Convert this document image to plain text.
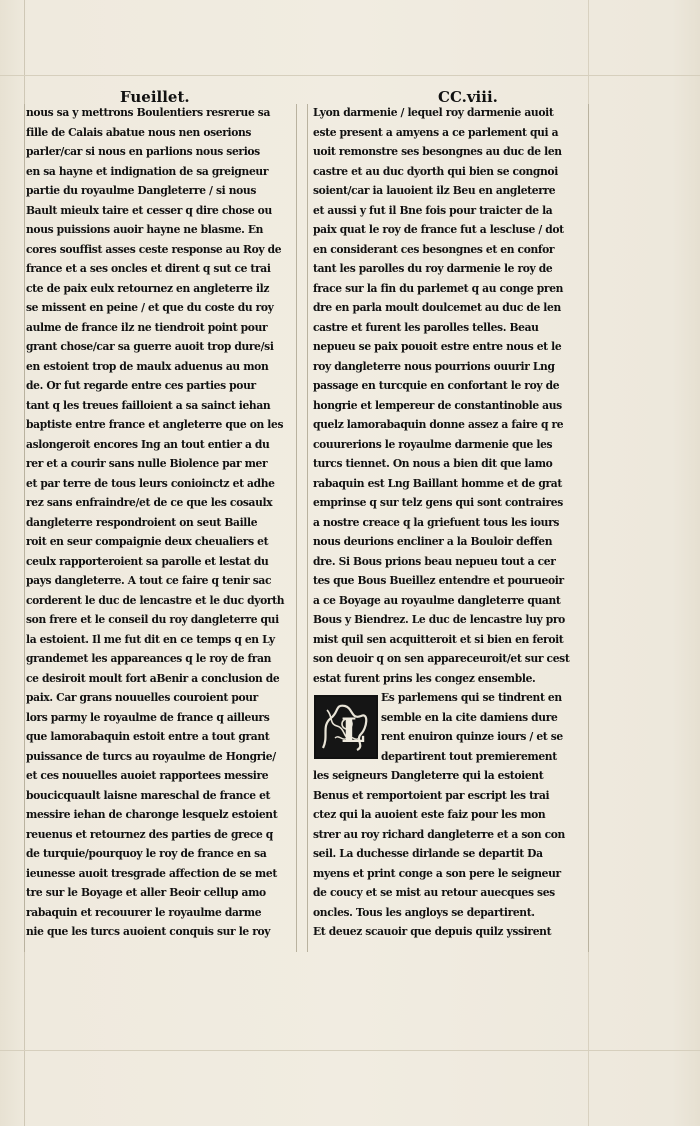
Fueillet.	CC.viii.
nous sa y mettrons Boulentiers resrerue sa
fille de Calais abatue nous nen oserions
parler/car si nous en parlions nous serios
en sa hayne et indignation de sa greigneur
partie du royaulme Dangleterre / si nous
Bault mieulx taire et cesser q dire chose ou
nous puissions auoir hayne ne blasme. En
cores souffist asses ceste response au Roy de
france et a ses oncles et dirent q sut ce trai
cte de paix eulx retournez en angleterre ilz
se missent en peine / et que du coste du roy
aulme de france ilz ne tiendroit point pour
grant chose/car sa guerre auoit trop dure/si
en estoient trop de maulx aduenus au mon
de. Or fut regarde entre ces parties pour
tant q les treues failloient a sa sainct iehan
baptiste entre france et angleterre que on les
aslongeroit encores Ing an tout entier a du
rer et a courir sans nulle Biolence par mer
et par terre de tous leurs conioinctz et adhe
rez sans enfraindre/et de ce que les cosaulx
dangleterre respondroient on seut Baille
roit en seur compaignie deux cheualiers et
ceulx rapporteroient sa parolle et lestat du
pays dangleterre. A tout ce faire q tenir sac
corderent le duc de lencastre et le duc dyorth
son frere et le conseil du roy dangleterre qui
la estoient. Il me fut dit en ce temps q en Ly
grandemet les appareances q le roy de fran
ce desiroit moult fort aBenir a conclusion de
paix. Car grans nouuelles couroient pour
lors parmy le royaulme de france q ailleurs
que lamorabaquin estoit entre a tout grant
puissance de turcs au royaulme de Hongrie/
et ces nouuelles auoiet rapportees messire
boucicquault laisne mareschal de france et
messire iehan de charonge lesquelz estoient
reuenus et retournez des parties de grece q
de turquie/pourquoy le roy de france en sa
ieunesse auoit tresgrade affection de se met
tre sur le Boyage et aller Beoir cellup amo
rabaquin et recouurer le royaulme darme
nie que les turcs auoient conquis sur le roy
Lyon darmenie / lequel roy darmenie auoit
este present a amyens a ce parlement qui a
uoit remonstre ses besongnes au duc de len
castre et au duc dyorth qui bien se congnoi
soient/car ia lauoient ilz Beu en angleterre
et aussi y fut il Bne fois pour traicter de la
paix quat le roy de france fut a lescluse / dot
en considerant ces besongnes et en confor
tant les parolles du roy darmenie le roy de
frace sur la fin du parlemet q au conge pren
dre en parla moult doulcemet au duc de len
castre et furent les parolles telles. Beau
nepueu se paix pouoit estre entre nous et le
roy dangleterre nous pourrions ouurir Lng
passage en turcquie en confortant le roy de
hongrie et lempereur de constantinoble aus
quelz lamorabaquin donne assez a faire q re
couurerions le royaulme darmenie que les
turcs tiennet. On nous a bien dit que lamo
rabaquin est Lng Baillant homme et de grat
emprinse q sur telz gens qui sont contraires
a nostre creace q la griefuent tous les iours
nous deurions encliner a la Bouloir deffen
dre. Si Bous prions beau nepueu tout a cer
tes que Bous Bueillez entendre et pourueoir
a ce Boyage au royaulme dangleterre quant
Bous y Biendrez. Le duc de lencastre luy pro
mist quil sen acquitteroit et si bien en feroit
son deuoir q on sen appareceuroit/et sur cest
estat furent prins les congez ensemble.
Es parlemens qui se tindrent en
semble en la cite damiens dure
rent enuiron quinze iours / et se
departirent tout premierement
les seigneurs Dangleterre qui la estoient
Benus et remportoient par escript les trai
ctez qui la auoient este faiz pour les mon
strer au roy richard dangleterre et a son con
seil. La duchesse dirlande se departit Da
myens et print conge a son pere le seigneur
de coucy et se mist au retour auecques ses
oncles. Tous les angloys se departirent.
Et deuez scauoir que depuis quilz yssirent
L
